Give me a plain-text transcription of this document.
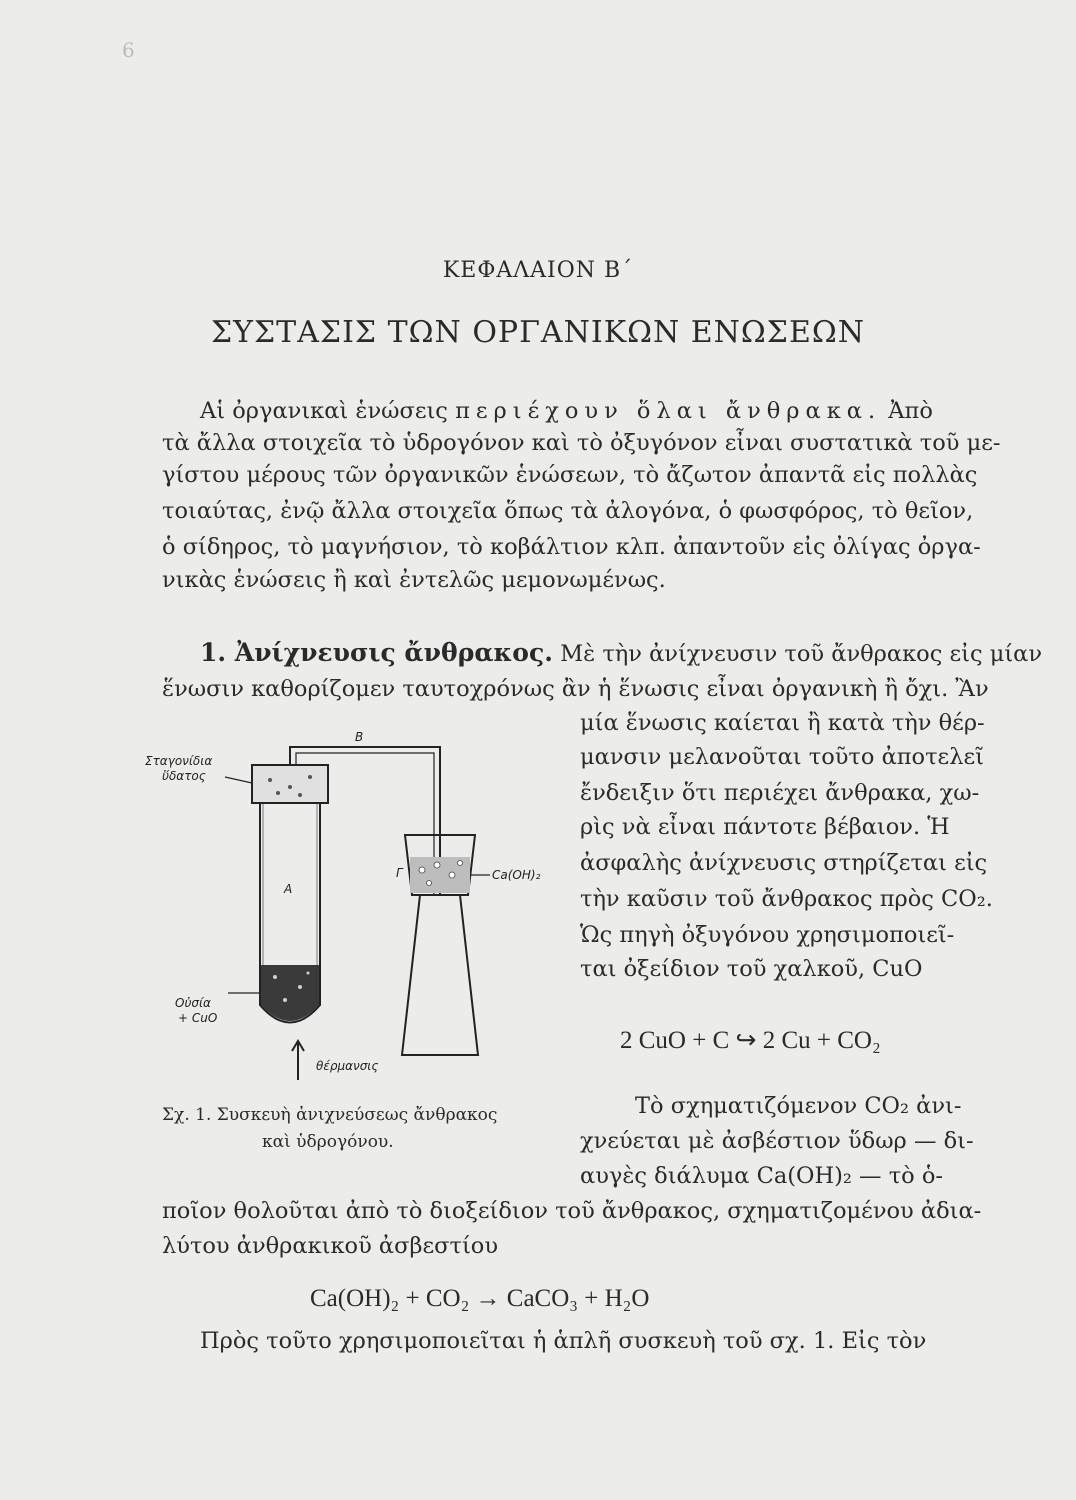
6
ΚΕΦΑΛΑΙΟΝ Β΄
ΣΥΣΤΑΣΙΣ ΤΩΝ ΟΡΓΑΝΙΚΩΝ ΕΝΩΣΕΩΝ
Αἱ ὀργανικαὶ ἑνώσεις περιέχουν ὅλαι ἄνθρακα. Ἀπὸ
τὰ ἄλλα στοιχεῖα τὸ ὑδρογόνον καὶ τὸ ὀξυγόνον εἶναι συστατικὰ τοῦ με-
γίστου μέρους τῶν ὀργανικῶν ἑνώσεων, τὸ ἄζωτον ἀπαντᾶ εἰς πολλὰς
τοιαύτας, ἐνῷ ἄλλα στοιχεῖα ὅπως τὰ ἀλογόνα, ὁ φωσφόρος, τὸ θεῖον,
ὁ σίδηρος, τὸ μαγνήσιον, τὸ κοβάλτιον κλπ. ἀπαντοῦν εἰς ὀλίγας ὀργα-
νικὰς ἑνώσεις ἢ καὶ ἐντελῶς μεμονωμένως.
1. Ἀνίχνευσις ἄνθρακος. Μὲ τὴν ἀνίχνευσιν τοῦ ἄνθρακος εἰς μίαν
ἕνωσιν καθορίζομεν ταυτοχρόνως ἂν ἡ ἕνωσις εἶναι ὀργανικὴ ἢ ὄχι. Ἂν
μία ἕνωσις καίεται ἢ κατὰ τὴν θέρ-
μανσιν μελανοῦται τοῦτο ἀποτελεῖ
ἔνδειξιν ὅτι περιέχει ἄνθρακα, χω-
ρὶς νὰ εἶναι πάντοτε βέβαιον. Ἡ
ἀσφαλὴς ἀνίχνευσις στηρίζεται εἰς
τὴν καῦσιν τοῦ ἄνθρακος πρὸς CO₂.
Ὡς πηγὴ ὀξυγόνου χρησιμοποιεῖ-
ται ὀξείδιον τοῦ χαλκοῦ, CuO
2 CuO + C ↪ 2 Cu + CO₂
Τὸ σχηματιζόμενον CO₂ ἀνι-
χνεύεται μὲ ἀσβέστιον ὕδωρ — δι-
αυγὲς διάλυμα Ca(OH)₂ — τὸ ὁ-
ποῖον θολοῦται ἀπὸ τὸ διοξείδιον τοῦ ἄνθρακος, σχηματιζομένου ἀδια-
λύτου ἀνθρακικοῦ ἀσβεστίου
Ca(OH)₂ + CO₂ → CaCO₃ + H₂O
Πρὸς τοῦτο χρησιμοποιεῖται ἡ ἁπλῆ συσκευὴ τοῦ σχ. 1. Εἰς τὸν
Β
Σταγονίδια
ὕδατος
Α
Γ	Ca(OH)₂
Οὐσία
+ CuO
θέρμανσις
Σχ. 1. Συσκευὴ ἀνιχνεύσεως ἄνθρακος
καὶ ὑδρογόνου.
